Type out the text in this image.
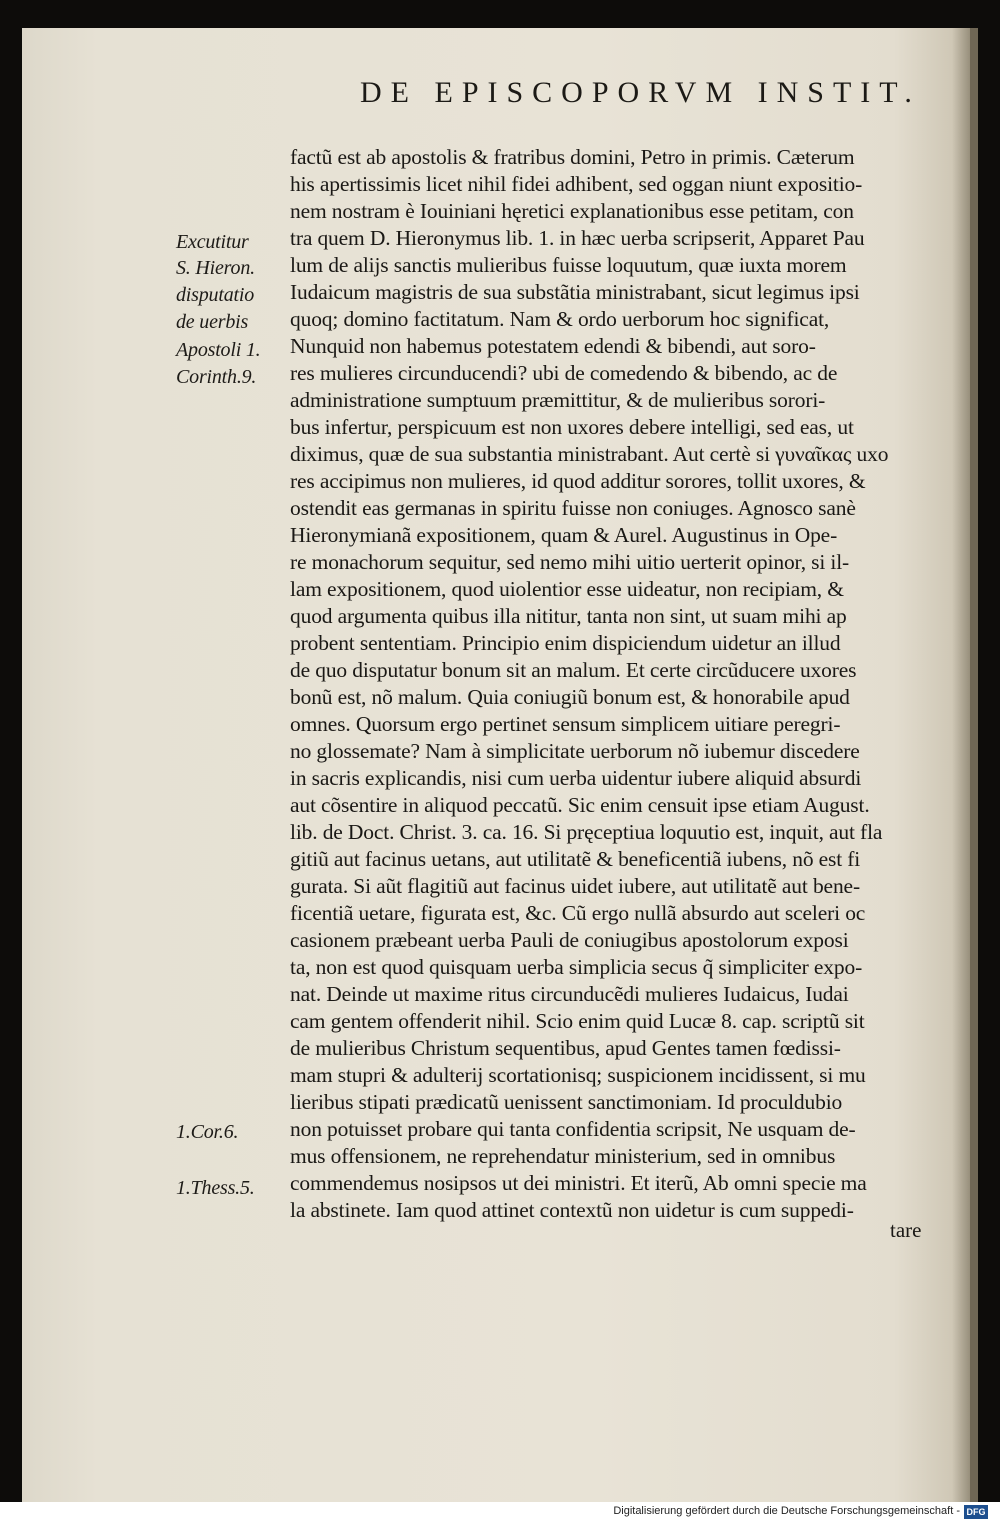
DE EPISCOPORVM INSTIT.
Excutitur
S. Hieron.
disputatio
de uerbis
Apostoli 1.
Corinth.9.
1.Cor.6.
1.Thess.5.
factũ est ab apostolis & fratribus domini, Petro in primis. Cæterum
his apertissimis licet nihil fidei adhibent, sed oggan niunt expositio-
nem nostram è Iouiniani hęretici explanationibus esse petitam, con
tra quem D. Hieronymus lib. 1. in hæc uerba scripserit, Apparet Pau
lum de alijs sanctis mulieribus fuisse loquutum, quæ iuxta morem
Iudaicum magistris de sua substãtia ministrabant, sicut legimus ipsi
quoq; domino factitatum. Nam & ordo uerborum hoc significat,
Nunquid non habemus potestatem edendi & bibendi, aut soro-
res mulieres circunducendi? ubi de comedendo & bibendo, ac de
administratione sumptuum præmittitur, & de mulieribus sorori-
bus infertur, perspicuum est non uxores debere intelligi, sed eas, ut
diximus, quæ de sua substantia ministrabant. Aut certè si γυναῖκας uxo
res accipimus non mulieres, id quod additur sorores, tollit uxores, &
ostendit eas germanas in spiritu fuisse non coniuges. Agnosco sanè
Hieronymianã expositionem, quam & Aurel. Augustinus in Ope-
re monachorum sequitur, sed nemo mihi uitio uerterit opinor, si il-
lam expositionem, quod uiolentior esse uideatur, non recipiam, &
quod argumenta quibus illa nititur, tanta non sint, ut suam mihi ap
probent sententiam. Principio enim dispiciendum uidetur an illud
de quo disputatur bonum sit an malum. Et certe circũducere uxores
bonũ est, nõ malum. Quia coniugiũ bonum est, & honorabile apud
omnes. Quorsum ergo pertinet sensum simplicem uitiare peregri-
no glossemate? Nam à simplicitate uerborum nõ iubemur discedere
in sacris explicandis, nisi cum uerba uidentur iubere aliquid absurdi
aut cõsentire in aliquod peccatũ. Sic enim censuit ipse etiam August.
lib. de Doct. Christ. 3. ca. 16. Si pręceptiua loquutio est, inquit, aut fla
gitiũ aut facinus uetans, aut utilitatẽ & beneficentiã iubens, nõ est fi
gurata. Si aũt flagitiũ aut facinus uidet iubere, aut utilitatẽ aut bene-
ficentiã uetare, figurata est, &c. Cũ ergo nullã absurdo aut sceleri oc
casionem præbeant uerba Pauli de coniugibus apostolorum exposi
ta, non est quod quisquam uerba simplicia secus q̃ simpliciter expo-
nat. Deinde ut maxime ritus circunducẽdi mulieres Iudaicus, Iudai
cam gentem offenderit nihil. Scio enim quid Lucæ 8. cap. scriptũ sit
de mulieribus Christum sequentibus, apud Gentes tamen fœdissi-
mam stupri & adulterij scortationisq; suspicionem incidissent, si mu
lieribus stipati prædicatũ uenissent sanctimoniam. Id proculdubio
non potuisset probare qui tanta confidentia scripsit, Ne usquam de-
mus offensionem, ne reprehendatur ministerium, sed in omnibus
commendemus nosipsos ut dei ministri. Et iterũ, Ab omni specie ma
la abstinete. Iam quod attinet contextũ non uidetur is cum suppedi-
tare
Digitalisierung gefördert durch die Deutsche Forschungsgemeinschaft - DFG
